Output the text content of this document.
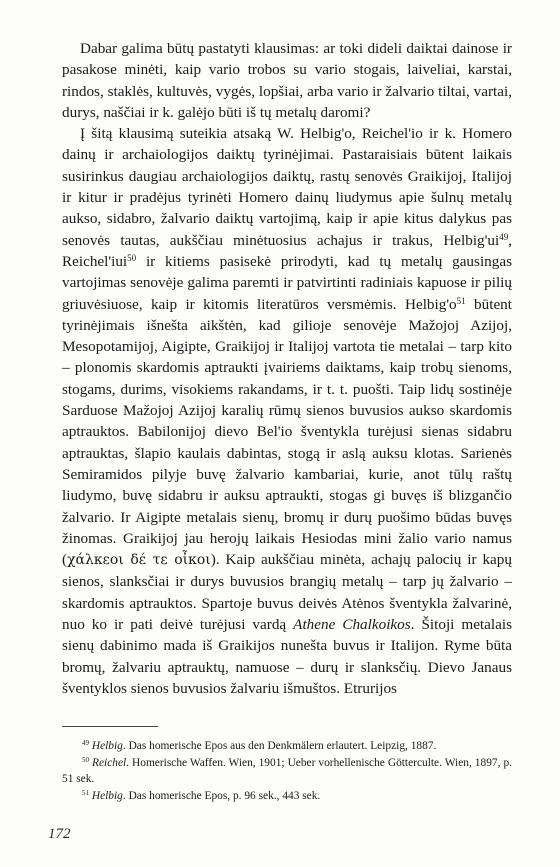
Dabar galima būtų pastatyti klausimas: ar toki dideli daiktai dainose ir pasakose minėti, kaip vario trobos su vario stogais, laiveliai, karstai, rindos, staklės, kultuvės, vygės, lopšiai, arba vario ir žalvario tiltai, vartai, durys, naščiai ir k. galėjo būti iš tų metalų daromi?

Į šitą klausimą suteikia atsaką W. Helbig'o, Reichel'io ir k. Homero dainų ir archaiologijos daiktų tyrinėjimai. Pastaraisiais būtent laikais susirinkus daugiau archaiologijos daiktų, rastų senovės Graikijoj, Italijoj ir kitur ir pradėjus tyrinėti Homero dainų liudymus apie šulnų metalų aukso, sidabro, žalvario daiktų vartojimą, kaip ir apie kitus dalykus pas senovės tautas, aukščiau minėtuosius achajus ir trakus, $Helbig'ui^{49}$, Reichel'iui$^{50}$ ir kitiems pasisekė prirodyti, kad tų metalų gausingas vartojimas senovėje galima paremti ir patvirtinti radiniais kapuose ir pilių griuvėsiuose, kaip ir kitomis literatūros versmėmis. $Helbig'o^{51}$ būtent tyrinėjimais išnešta aikštėn, kad gilioje senovėje Mažojoj Azijoj, Mesopotamijoj, Aigipte, Graikijoj ir Italijoj vartota tie metalai – tarp kito – plonomis skardomis aptraukti įvairiems daiktams, kaip trobų sienoms, stogams, durims, visokiems rakandams, ir t. t. puošti. Taip lidų sostinėje Sarduose Mažojoj Azijoj karalių rūmų sienos buvusios aukso skardomis aptrauktos. Babilonijoj dievo Bel'io šventykla turėjusi sienas sidabru aptrauktas, šlapio kaulais dabintas, stogą ir aslą auksu klotas. Sarienės Semiramidos pilyje buvę žalvario kambariai, kurie, anot tūlų raštų liudymo, buvę sidabru ir auksu aptraukti, stogas gi buvęs iš blizgančio žalvario. Ir Aigipte metalais sienų, bromų ir durų puošimo būdas buvęs žinomas. Graikijoj jau herojų laikais Hesiodas mini žalio vario namus (χάλκεοι δέ τε οἶκοι). Kaip aukščiau minėta, achajų palocių ir kapų sienos, slanksčiai ir durys buvusios brangių metalų – tarp jų žalvario – skardomis aptrauktos. Spartoje buvus deivės Atėnos šventykla žalvarinė, nuo ko ir pati deivė turėjusi vardą Athene Chalkoikos. Šitoji metalais sienų dabinimo mada iš Graikijos nunešta buvus ir Italijon. Ryme būta bromų, žalvariu aptrauktų, namuose – durų ir slanksčių. Dievo Janaus šventyklos sienos buvusios žalvariu išmuštos. Etrurijos

$^{49}$ Helbig. Das homerische Epos aus den Denkmälern erlautert. Leipzig, 1887.

$^{50}$ Reichel. Homerische Waffen. Wien, 1901; Ueber vorhellenische Götterculte. Wien, 1897, p. 51 sek.

$^{51}$ Helbig. Das homerische Epos, p. 96 sek., 443 sek.

172
